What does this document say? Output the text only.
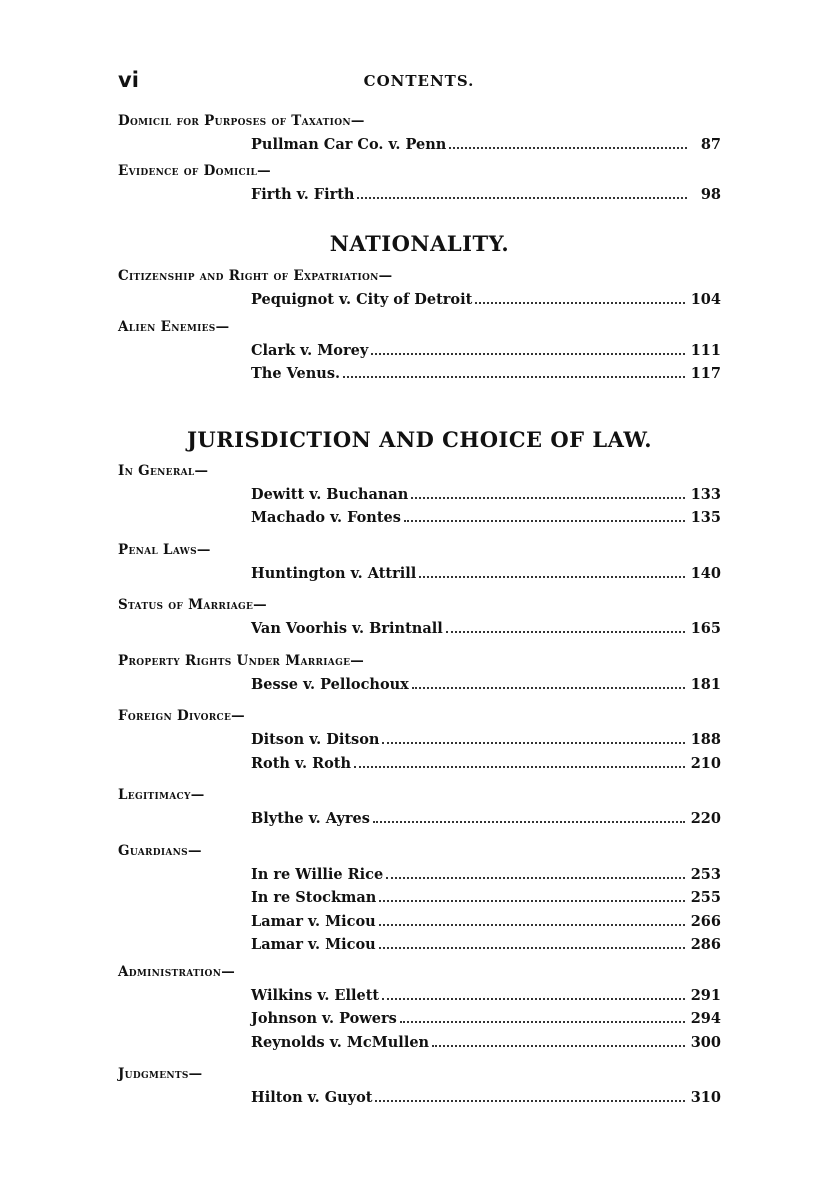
vi	CONTENTS.
Domicil for Purposes of Taxation—
Pullman Car Co. v. Penn	87
Evidence of Domicil—
Firth v. Firth	98
NATIONALITY.
Citizenship and Right of Expatriation—
Pequignot v. City of Detroit	104
Alien Enemies—
Clark v. Morey	111
The Venus.	117
JURISDICTION AND CHOICE OF LAW.
In General—
Dewitt v. Buchanan	133
Machado v. Fontes	135
Penal Laws—
Huntington v. Attrill	140
Status of Marriage—
Van Voorhis v. Brintnall	165
Property Rights Under Marriage—
Besse v. Pellochoux	181
Foreign Divorce—
Ditson v. Ditson	188
Roth v. Roth	210
Legitimacy—
Blythe v. Ayres	220
Guardians—
In re Willie Rice	253
In re Stockman	255
Lamar v. Micou	266
Lamar v. Micou	286
Administration—
Wilkins v. Ellett	291
Johnson v. Powers	294
Reynolds v. McMullen	300
Judgments—
Hilton v. Guyot	310
